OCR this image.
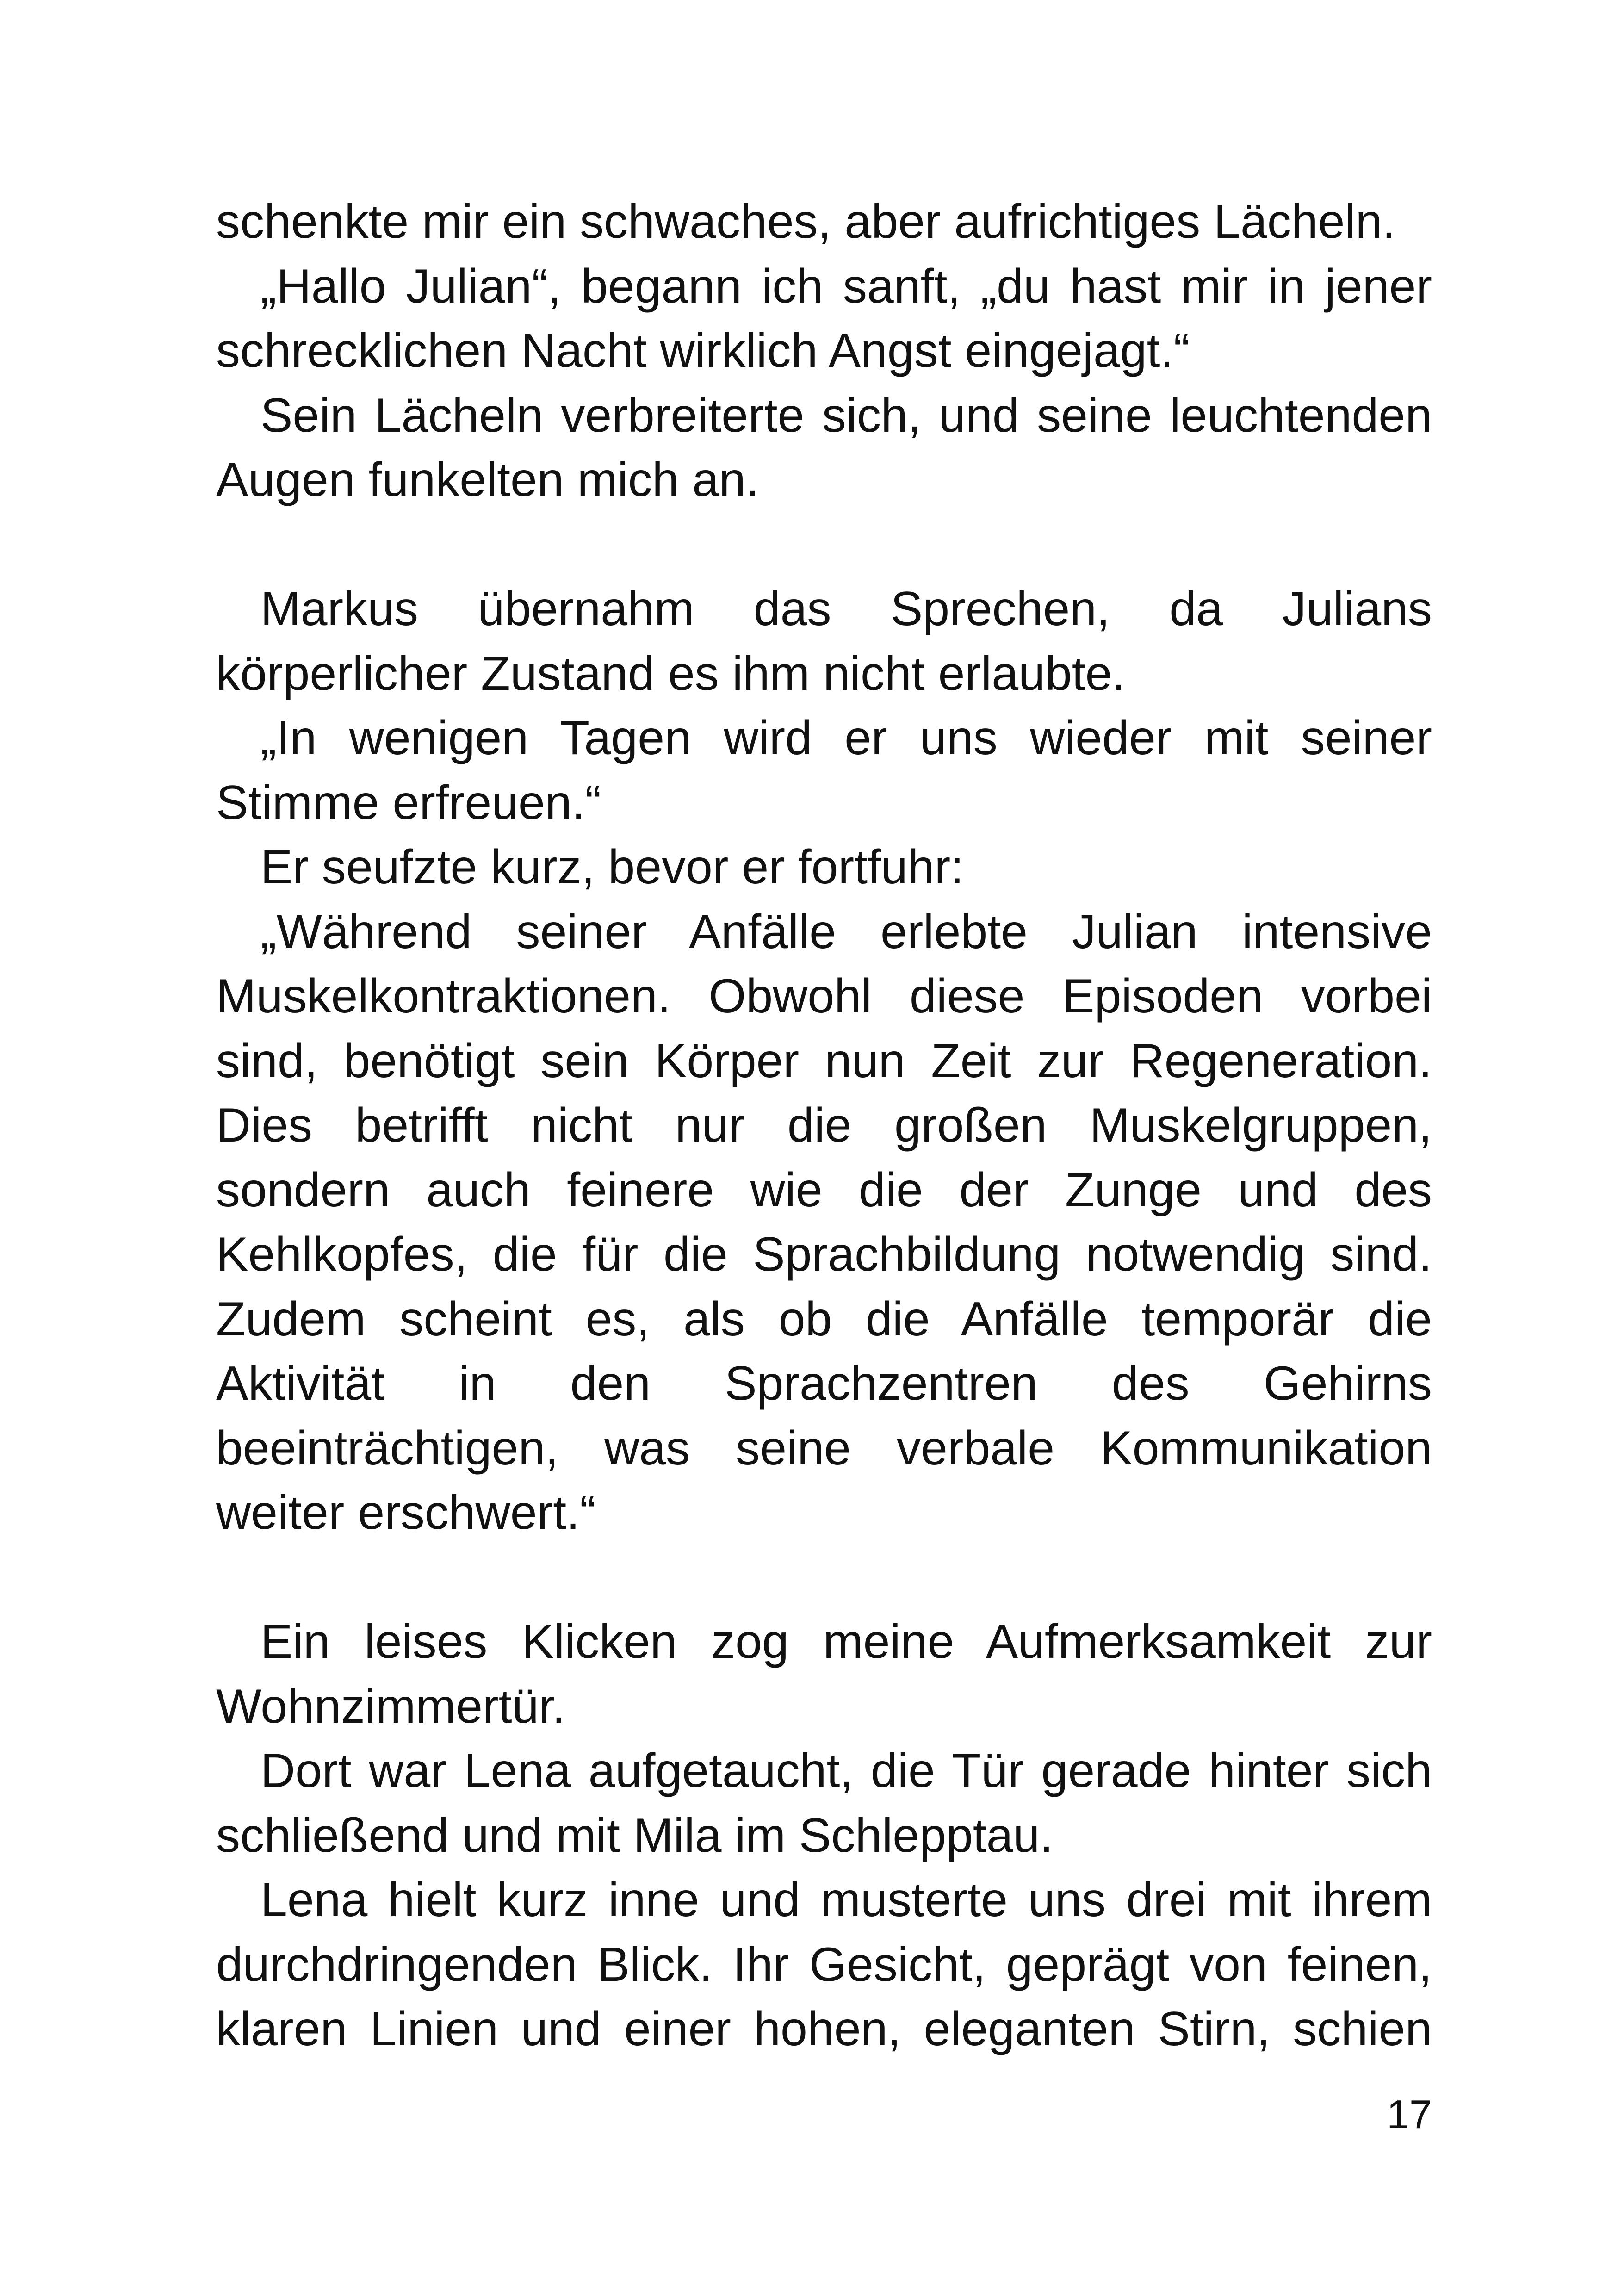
schenkte mir ein schwaches, aber aufrichtiges Lächeln.

„Hallo Julian“, begann ich sanft, „du hast mir in jener schrecklichen Nacht wirklich Angst eingejagt.“

Sein Lächeln verbreiterte sich, und seine leuchtenden Augen funkelten mich an.

Markus übernahm das Sprechen, da Julians körperlicher Zustand es ihm nicht erlaubte.

„In wenigen Tagen wird er uns wieder mit seiner Stimme erfreuen.“

Er seufzte kurz, bevor er fortfuhr:

„Während seiner Anfälle erlebte Julian intensive Muskelkontraktionen. Obwohl diese Episoden vorbei sind, benötigt sein Körper nun Zeit zur Regeneration. Dies betrifft nicht nur die großen Muskelgruppen, sondern auch feinere wie die der Zunge und des Kehlkopfes, die für die Sprachbildung notwendig sind. Zudem scheint es, als ob die Anfälle temporär die Aktivität in den Sprachzentren des Gehirns beeinträchtigen, was seine verbale Kommunikation weiter erschwert.“

Ein leises Klicken zog meine Aufmerksamkeit zur Wohnzimmertür.

Dort war Lena aufgetaucht, die Tür gerade hinter sich schließend und mit Mila im Schlepptau.

Lena hielt kurz inne und musterte uns drei mit ihrem durchdringenden Blick. Ihr Gesicht, geprägt von feinen, klaren Linien und einer hohen, eleganten Stirn, schien

17
